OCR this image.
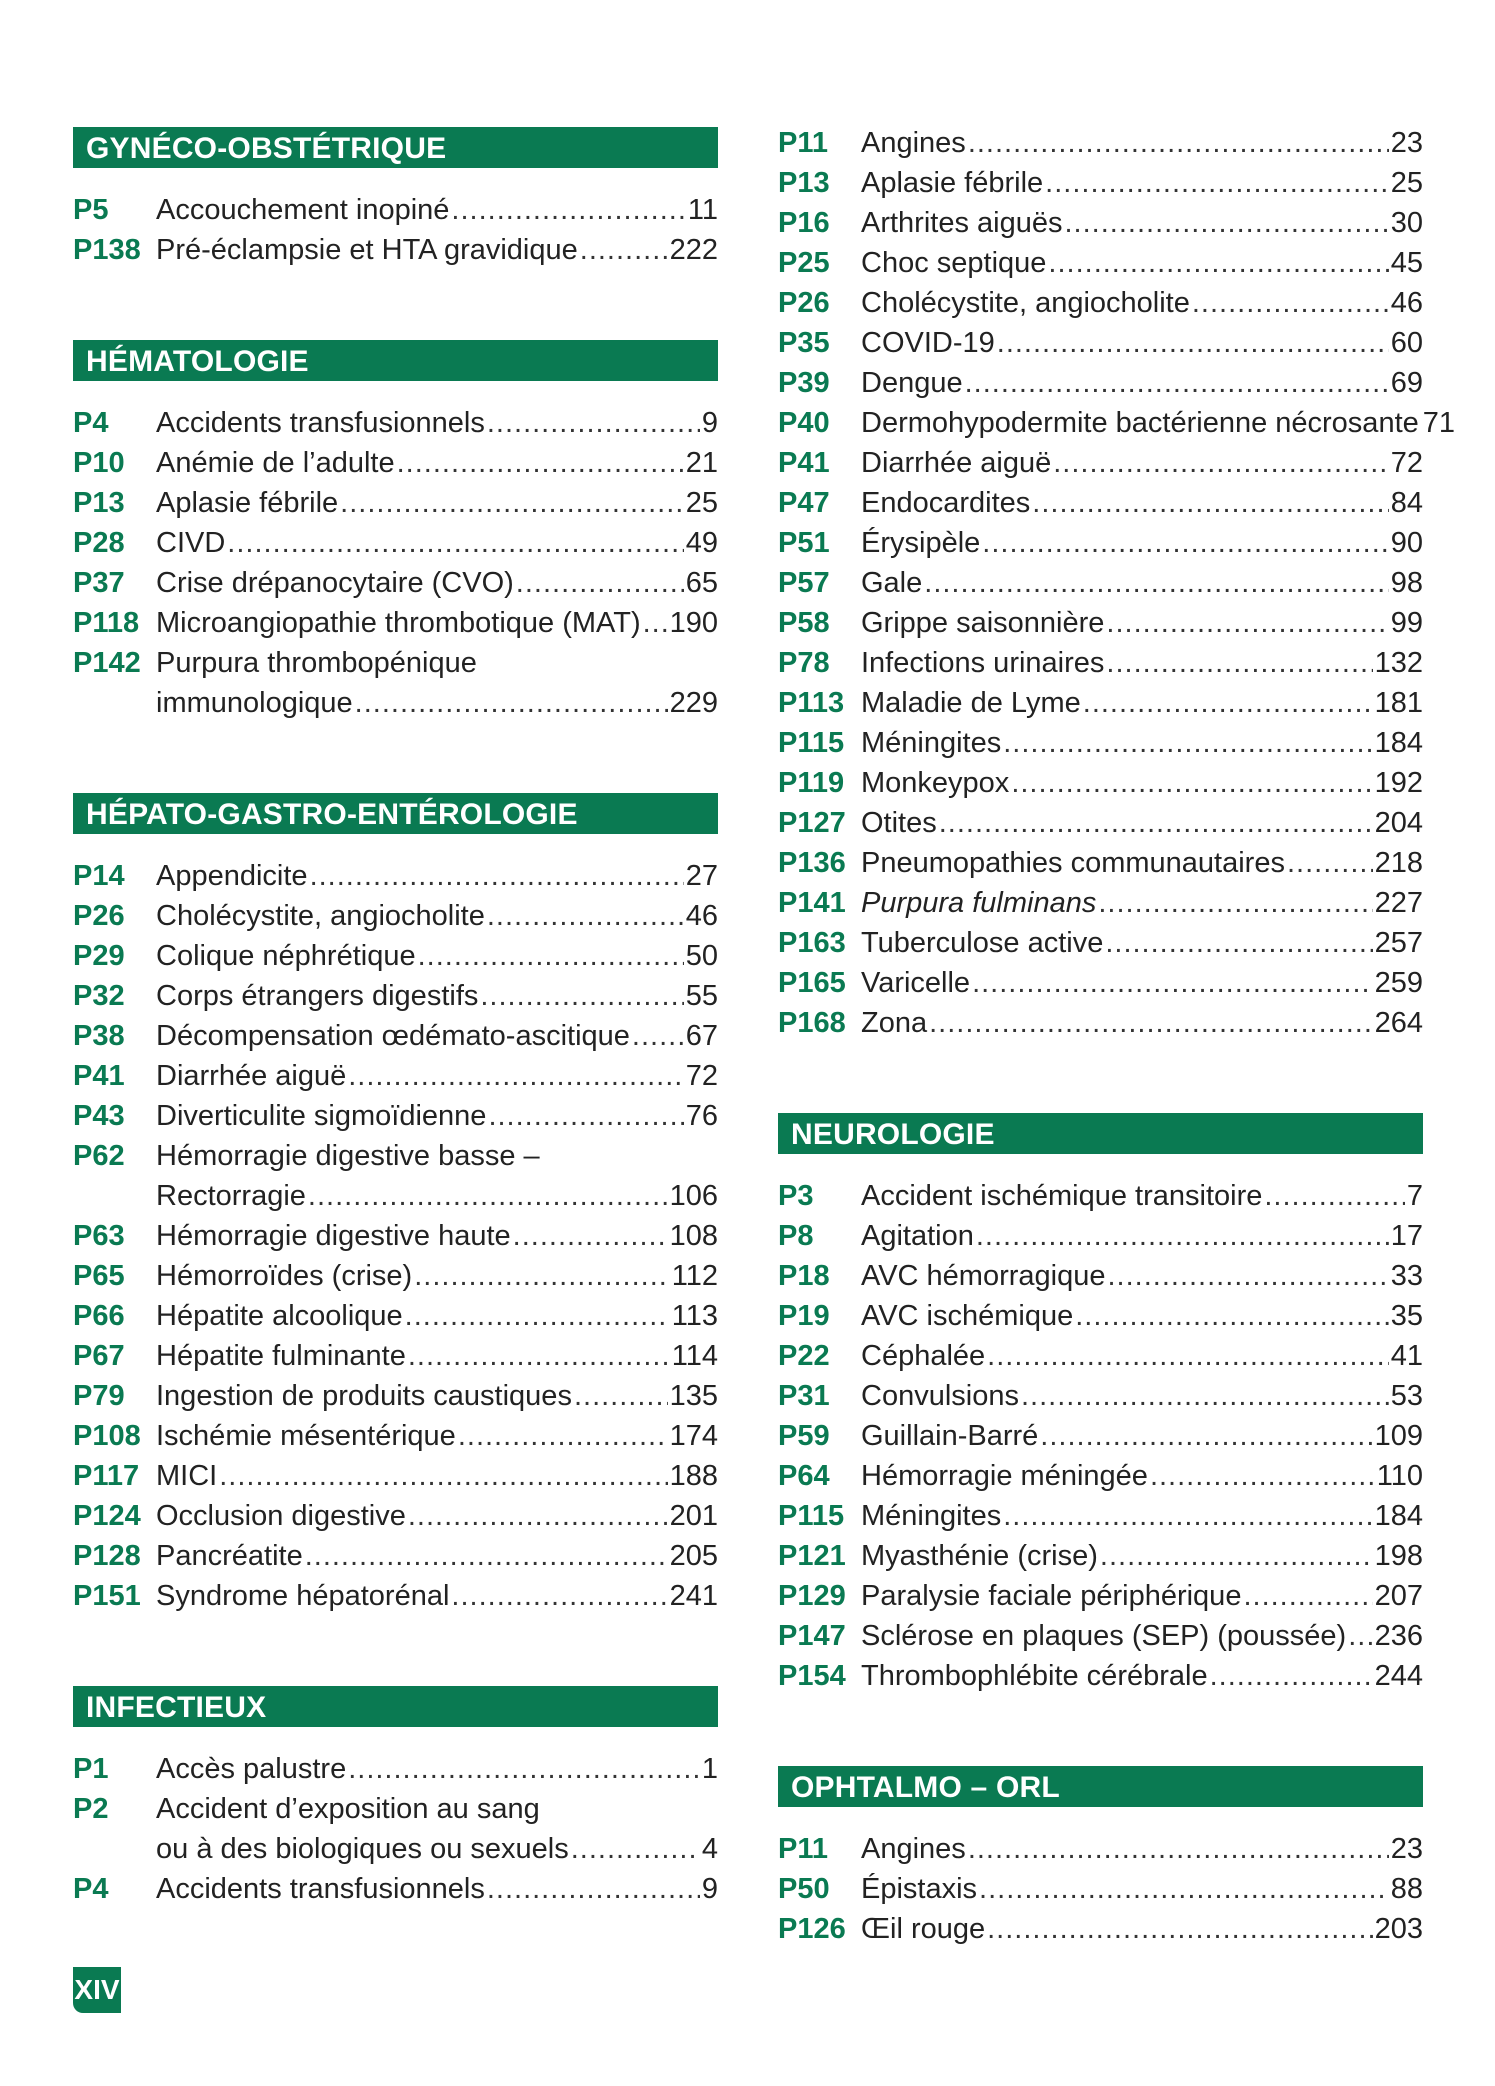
GYNÉCO-OBSTÉTRIQUE
P5	Accouchement inopiné .....	11
P138 Pré-éclampsie et HTA gravidique .....	222
HÉMATOLOGIE
P4	Accidents transfusionnels .....	9
P10	Anémie de l’adulte .....	21
P13	Aplasie fébrile .....	25
P28	CIVD .....	49
P37	Crise drépanocytaire (CVO) .....	65
P118 Microangiopathie thrombotique (MAT) ..... 190
P142 Purpura thrombopénique
immunologique .....	229
HÉPATO-GASTRO-ENTÉROLOGIE
P14	Appendicite .....	27
P26	Cholécystite, angiocholite .....	46
P29	Colique néphrétique .....	50
P32	Corps étrangers digestifs .....	55
P38	Décompensation œdémato-ascitique ..... 67
P41	Diarrhée aiguë .....	72
P43	Diverticulite sigmoïdienne .....	76
P62	Hémorragie digestive basse –
Rectorragie .....	106
P63	Hémorragie digestive haute .....	108
P65	Hémorroïdes (crise) .....	112
P66	Hépatite alcoolique .....	113
P67	Hépatite fulminante .....	114
P79	Ingestion de produits caustiques .....	135
P108 Ischémie mésentérique .....	174
P117 MICI .....	188
P124 Occlusion digestive .....	201
P128 Pancréatite .....	205
P151 Syndrome hépatorénal .....	241
INFECTIEUX
P1	Accès palustre .....	1
P2	Accident d’exposition au sang
ou à des biologiques ou sexuels .....	4
P4	Accidents transfusionnels .....	9
P11	Angines .....	23
P13	Aplasie fébrile .....	25
P16	Arthrites aiguës .....	30
P25	Choc septique .....	45
P26	Cholécystite, angiocholite .....	46
P35	COVID-19 .....	60
P39	Dengue .....	69
P40	Dermohypodermite bactérienne nécrosante 71
P41	Diarrhée aiguë .....	72
P47	Endocardites .....	84
P51	Érysipèle .....	90
P57	Gale .....	98
P58	Grippe saisonnière .....	99
P78	Infections urinaires .....	132
P113 Maladie de Lyme .....	181
P115 Méningites .....	184
P119 Monkeypox .....	192
P127 Otites .....	204
P136 Pneumopathies communautaires .....	218
P141 Purpura fulminans .....	227
P163 Tuberculose active .....	257
P165 Varicelle .....	259
P168 Zona .....	264
NEUROLOGIE
P3	Accident ischémique transitoire .....	7
P8	Agitation .....	17
P18	AVC hémorragique .....	33
P19	AVC ischémique .....	35
P22	Céphalée .....	41
P31	Convulsions .....	53
P59	Guillain-Barré .....	109
P64	Hémorragie méningée .....	110
P115 Méningites .....	184
P121 Myasthénie (crise) .....	198
P129 Paralysie faciale périphérique .....	207
P147 Sclérose en plaques (SEP) (poussée) ..... 236
P154 Thrombophlébite cérébrale .....	244
OPHTALMO – ORL
P11	Angines .....	23
P50	Épistaxis .....	88
P126 Œil rouge .....	203
XIV
